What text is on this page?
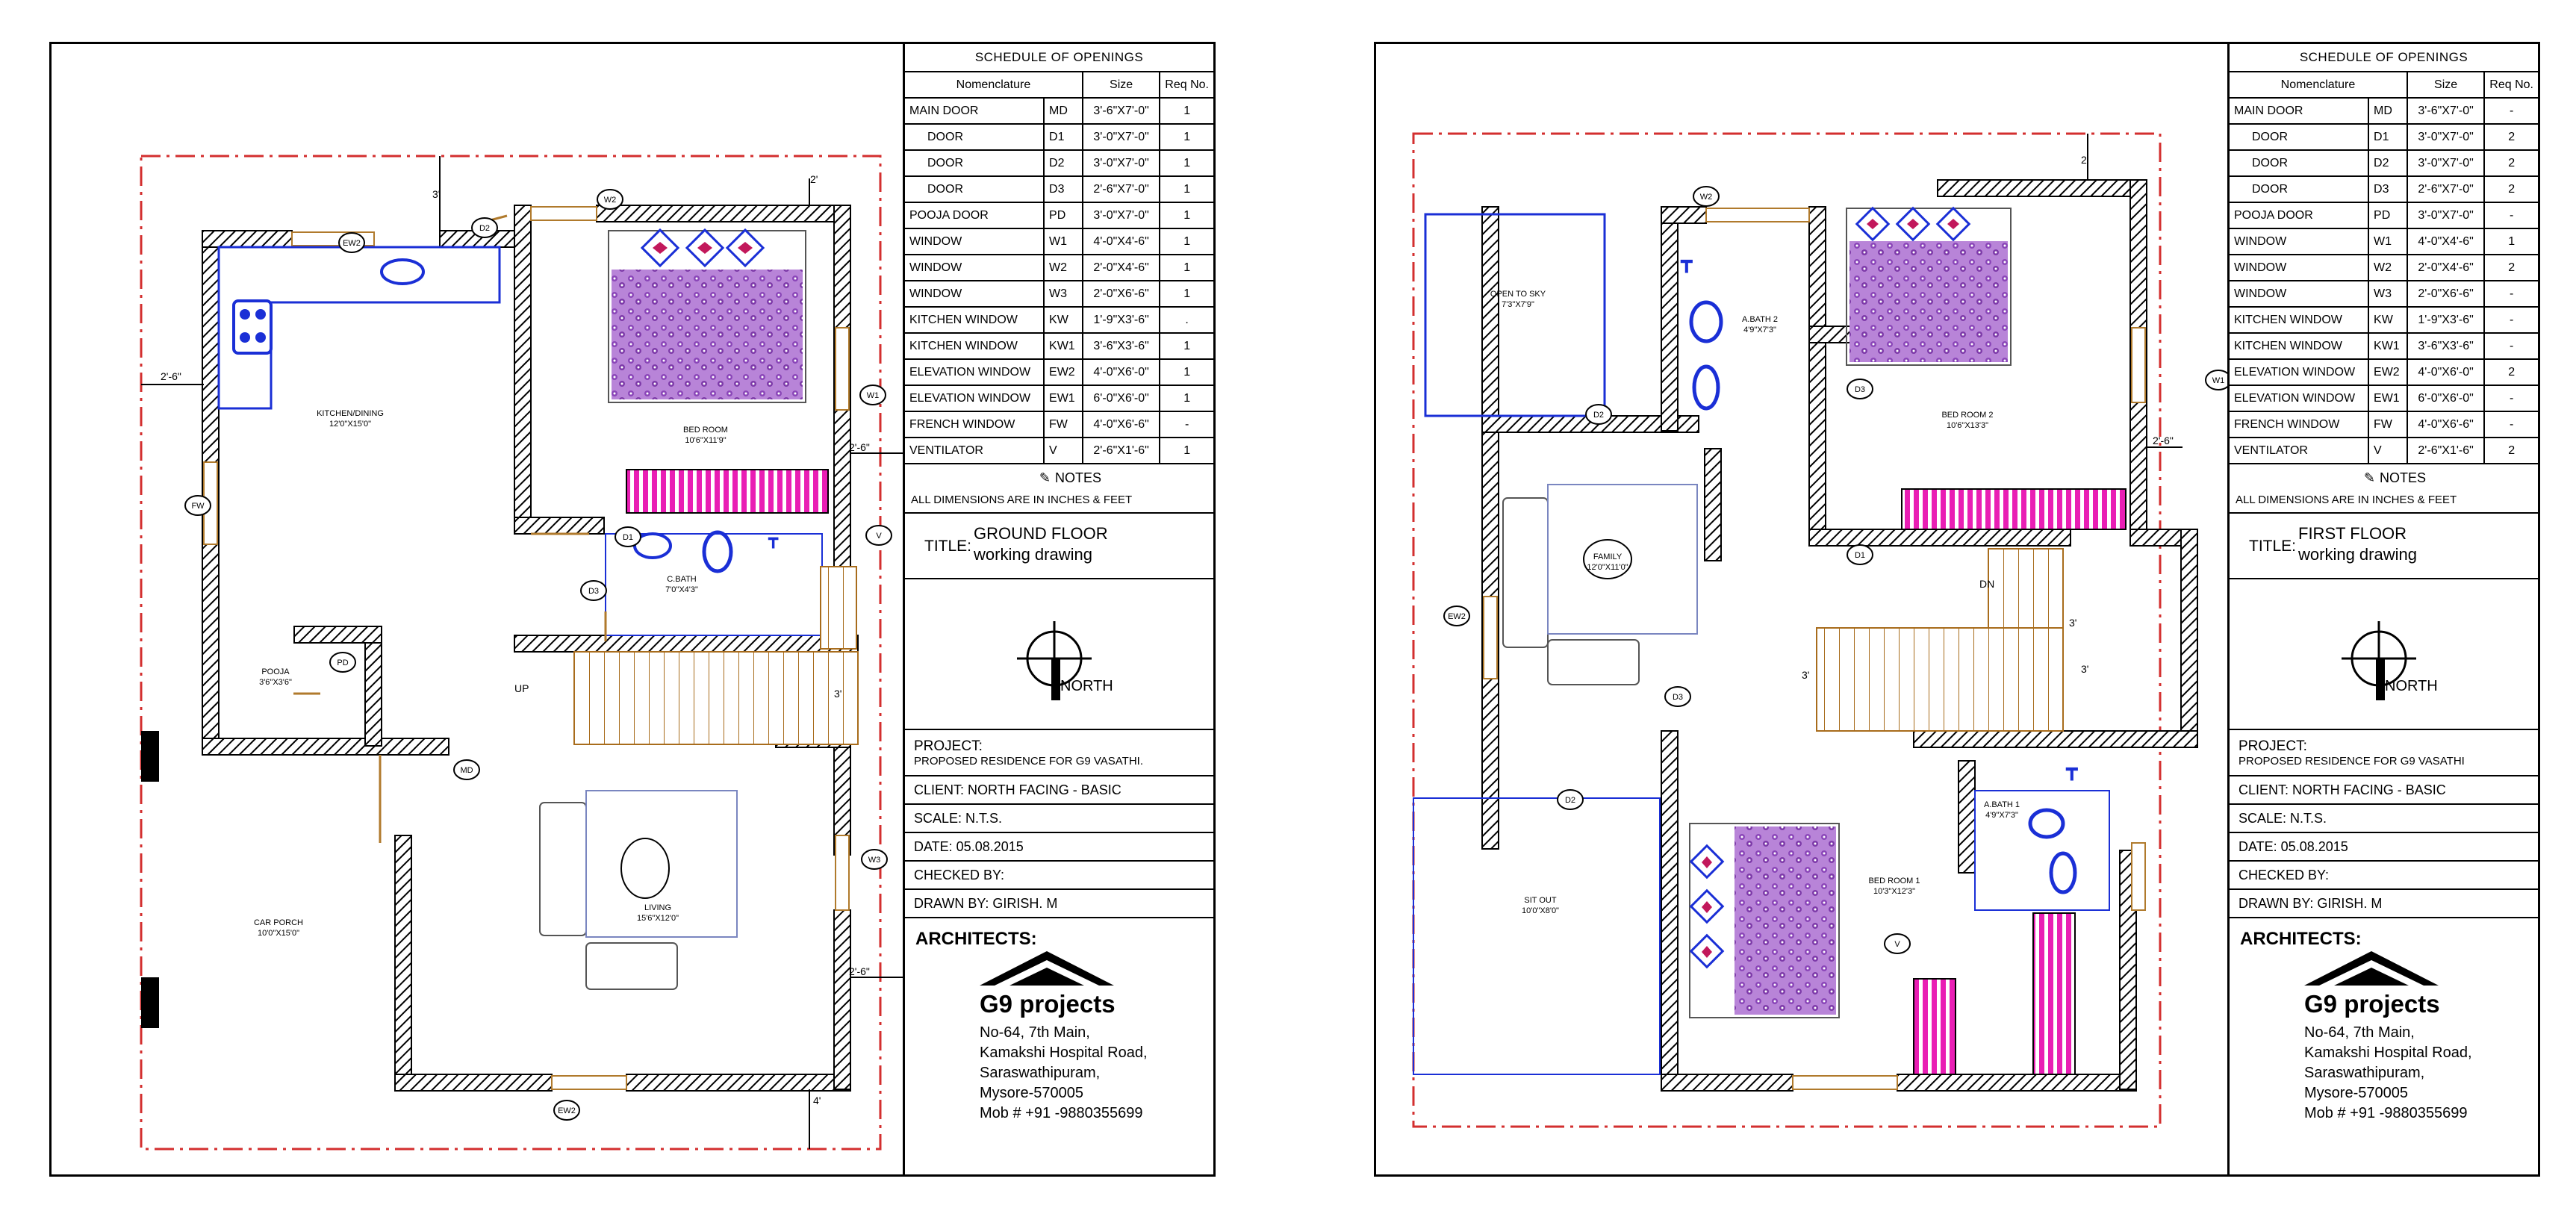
┳
KITCHEN/DINING
12'0"X15'0"
BED ROOM
10'6"X11'9"
C.BATH
7'0"X4'3"
POOJA
3'6"X3'6"
LIVING
15'6"X12'0"
CAR PORCH
10'0"X15'0"
EW2
D2
W2
W1
D1
D3
V
FW
PD
MD
W3
EW2
2'-6"
3'
2'
2'-6"
2'-6"
3'
4'
UP
SCHEDULE OF OPENINGS
Nomenclature		Size	Req No.
MAIN DOOR	MD	3'-6"X7'-0"	1
DOOR	D1	3'-0"X7'-0"	1
DOOR	D2	3'-0"X7'-0"	1
DOOR	D3	2'-6"X7'-0"	1
POOJA DOOR	PD	3'-0"X7'-0"	1
WINDOW	W1	4'-0"X4'-6"	1
WINDOW	W2	2'-0"X4'-6"	1
WINDOW	W3	2'-0"X6'-6"	1
KITCHEN WINDOW	KW	1'-9"X3'-6"	.
KITCHEN WINDOW	KW1	3'-6"X3'-6"	1
ELEVATION WINDOW	EW2	4'-0"X6'-0"	1
ELEVATION WINDOW	EW1	6'-0"X6'-0"	1
FRENCH WINDOW	FW	4'-0"X6'-6"	-
VENTILATOR	V	2'-6"X1'-6"	1
✎ NOTES
ALL DIMENSIONS ARE IN INCHES & FEET
TITLE:
GROUND FLOOR
working drawing
NORTH
PROJECT:
PROPOSED RESIDENCE FOR G9 VASATHI.
CLIENT: NORTH FACING - BASIC
SCALE: N.T.S.
DATE: 05.08.2015
CHECKED BY:
DRAWN BY: GIRISH. M
ARCHITECTS:
G9 projects
No-64, 7th Main,
Kamakshi Hospital Road,
Saraswathipuram,
Mysore-570005
Mob # +91 -9880355699
┳
┳
OPEN TO SKY
7'3"X7'9"
A.BATH 2
4'9"X7'3"
BED ROOM 2
10'6"X13'3"
FAMILY
12'0"X11'0"
SIT OUT
10'0"X8'0"
BED ROOM 1
10'3"X12'3"
A.BATH 1
4'9"X7'3"
W2
D3
W1
D2
D1
EW2
D2
D3
V
2'
2'-6"
3'
3'	3'
DN
SCHEDULE OF OPENINGS
Nomenclature		Size	Req No.
MAIN DOOR	MD	3'-6"X7'-0"	-
DOOR	D1	3'-0"X7'-0"	2
DOOR	D2	3'-0"X7'-0"	2
DOOR	D3	2'-6"X7'-0"	2
POOJA DOOR	PD	3'-0"X7'-0"	-
WINDOW	W1	4'-0"X4'-6"	1
WINDOW	W2	2'-0"X4'-6"	2
WINDOW	W3	2'-0"X6'-6"	-
KITCHEN WINDOW	KW	1'-9"X3'-6"	-
KITCHEN WINDOW	KW1	3'-6"X3'-6"	-
ELEVATION WINDOW	EW2	4'-0"X6'-0"	2
ELEVATION WINDOW	EW1	6'-0"X6'-0"	-
FRENCH WINDOW	FW	4'-0"X6'-6"	-
VENTILATOR	V	2'-6"X1'-6"	2
✎ NOTES
ALL DIMENSIONS ARE IN INCHES & FEET
TITLE:
FIRST FLOOR
working drawing
NORTH
PROJECT:
PROPOSED RESIDENCE FOR G9 VASATHI
CLIENT: NORTH FACING - BASIC
SCALE: N.T.S.
DATE: 05.08.2015
CHECKED BY:
DRAWN BY: GIRISH. M
ARCHITECTS:
G9 projects
No-64, 7th Main,
Kamakshi Hospital Road,
Saraswathipuram,
Mysore-570005
Mob # +91 -9880355699
